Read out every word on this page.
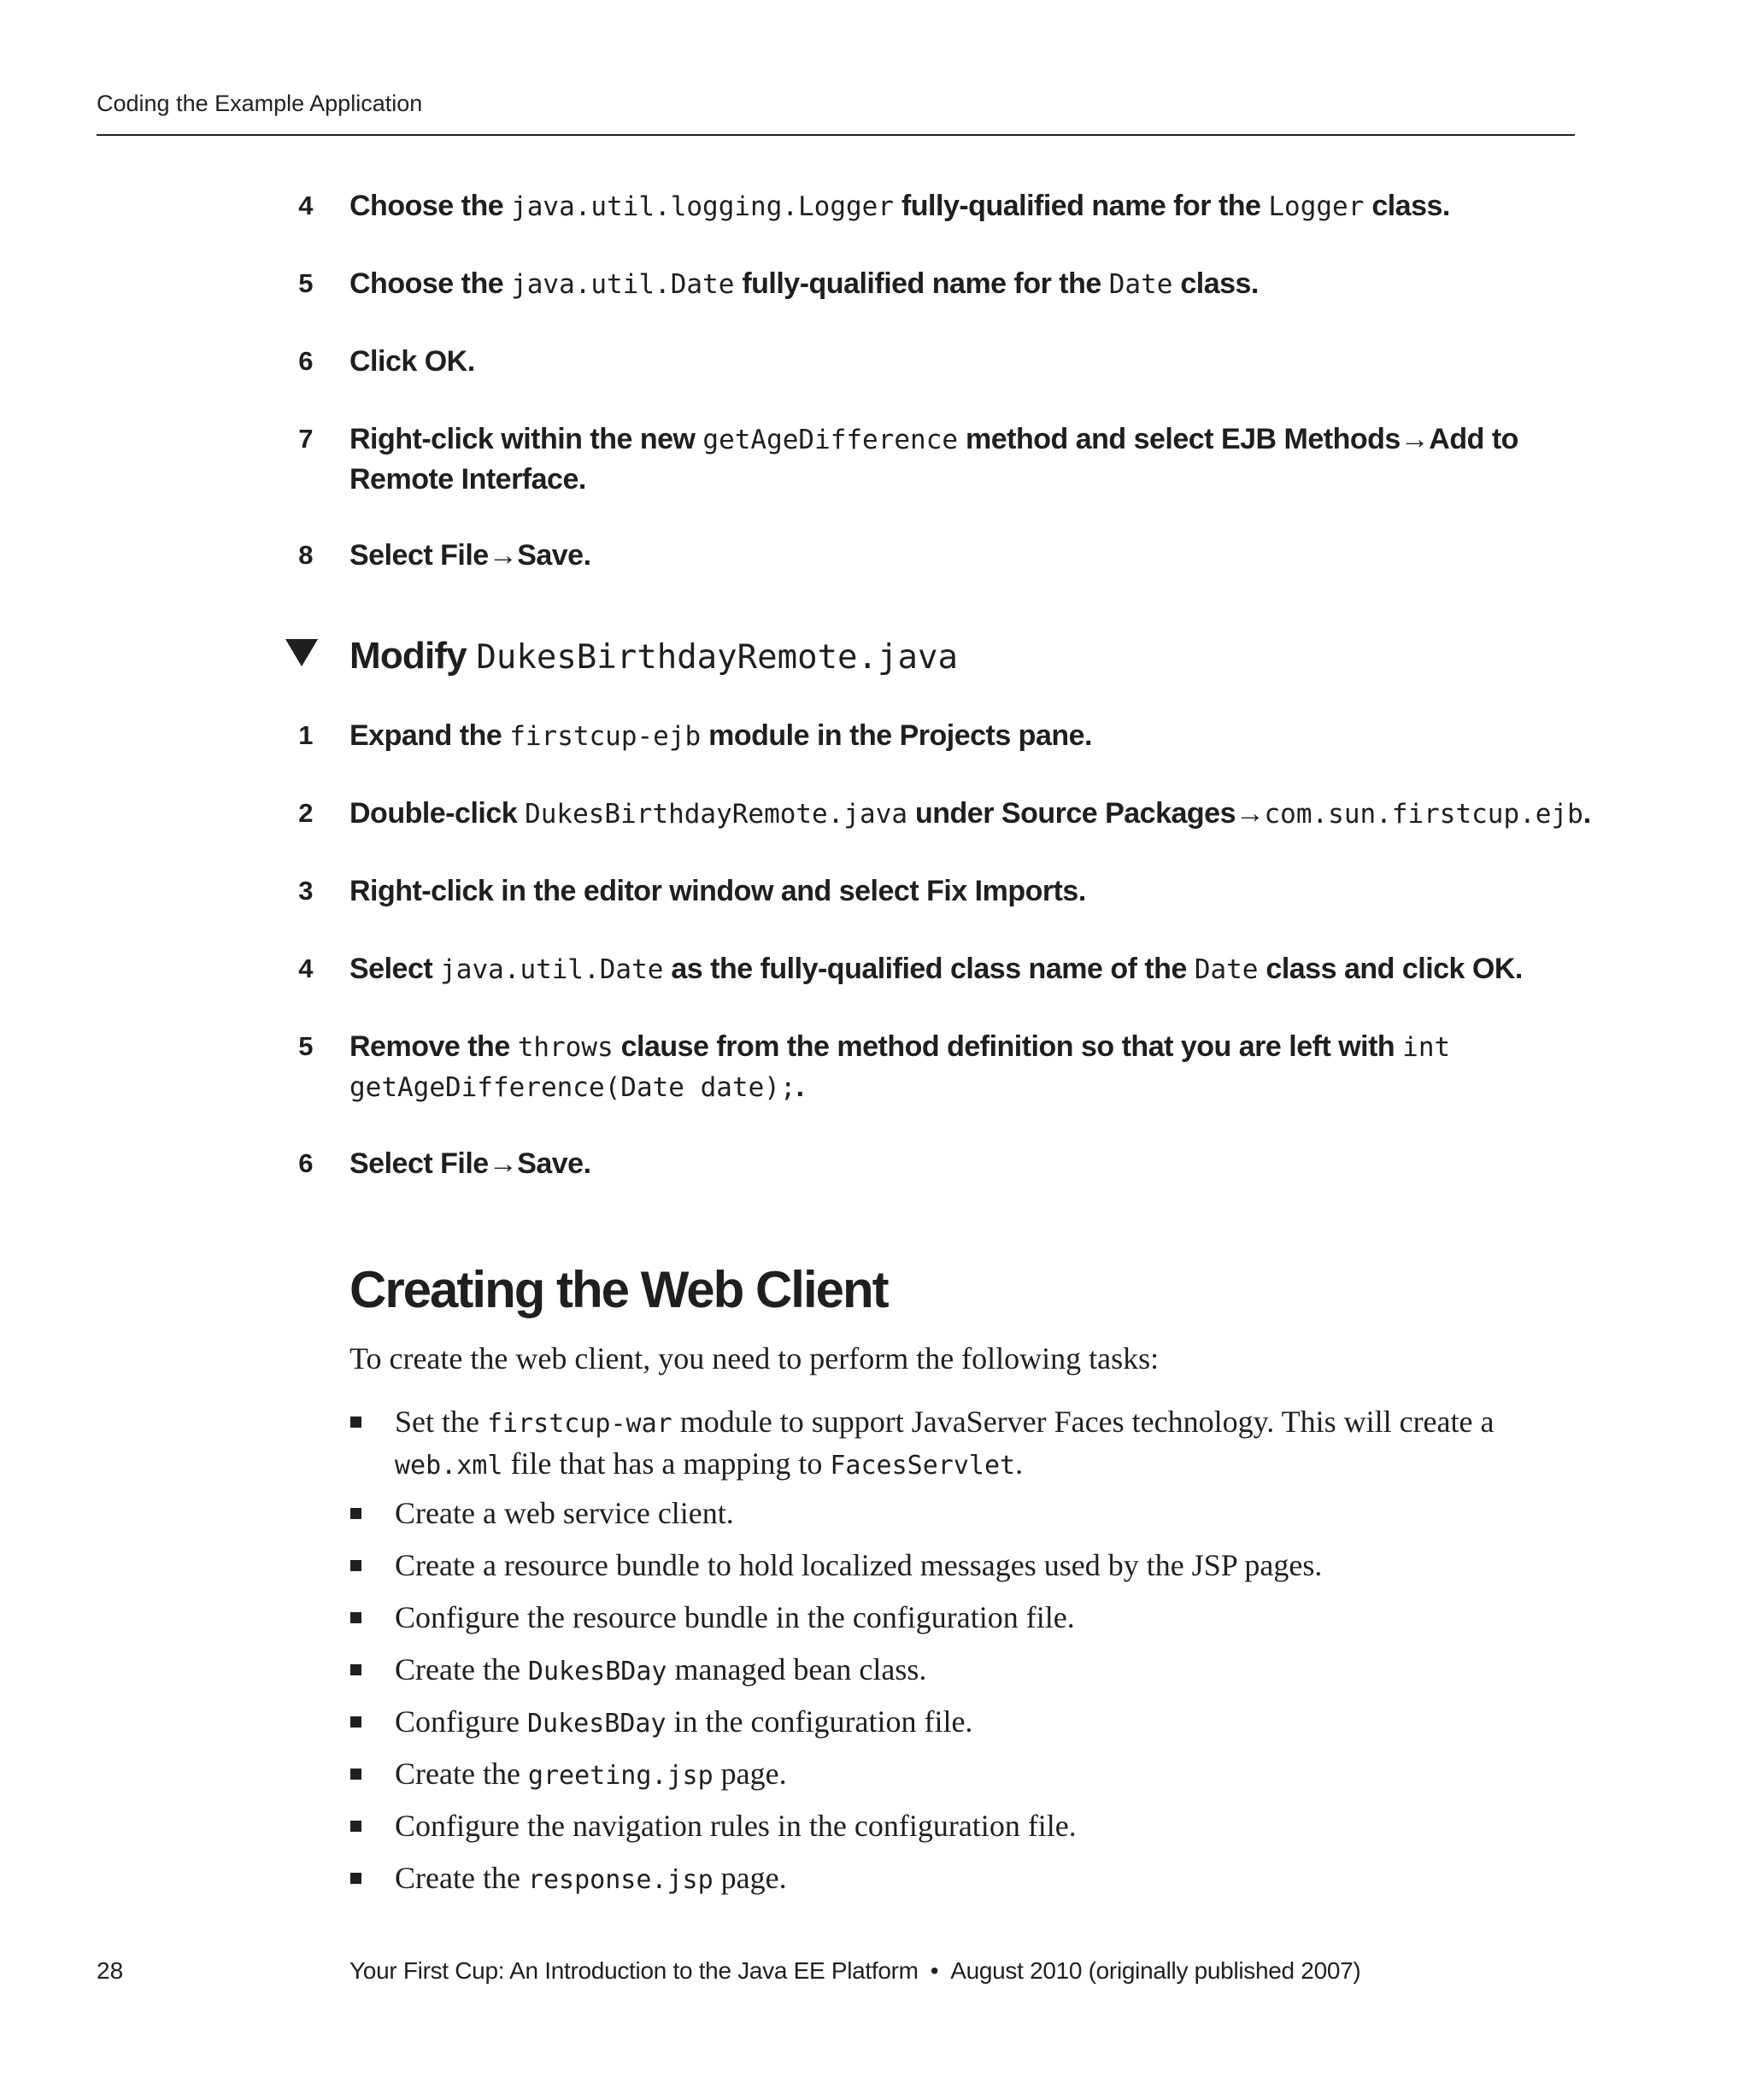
Coding the Example Application
4 Choose the java.util.logging.Logger fully-qualified name for the Logger class.
5 Choose the java.util.Date fully-qualified name for the Date class.
6 Click OK.
7 Right-click within the new getAgeDifference method and select EJB Methods→Add to
Remote Interface.
8 Select File→Save.
Modify DukesBirthdayRemote.java
1 Expand the firstcup-ejb module in the Projects pane.
2 Double-click DukesBirthdayRemote.java under Source Packages→com.sun.firstcup.ejb.
3 Right-click in the editor window and select Fix Imports.
4 Select java.util.Date as the fully-qualified class name of the Date class and click OK.
5 Remove the throws clause from the method definition so that you are left with int
getAgeDifference(Date date);.
6 Select File→Save.
Creating the Web Client
To create the web client, you need to perform the following tasks:
Set the firstcup-war module to support JavaServer Faces technology. This will create a
web.xml file that has a mapping to FacesServlet.
Create a web service client.
Create a resource bundle to hold localized messages used by the JSP pages.
Configure the resource bundle in the configuration file.
Create the DukesBDay managed bean class.
Configure DukesBDay in the configuration file.
Create the greeting.jsp page.
Configure the navigation rules in the configuration file.
Create the response.jsp page.
28	Your First Cup: An Introduction to the Java EE Platform • August 2010 (originally published 2007)
